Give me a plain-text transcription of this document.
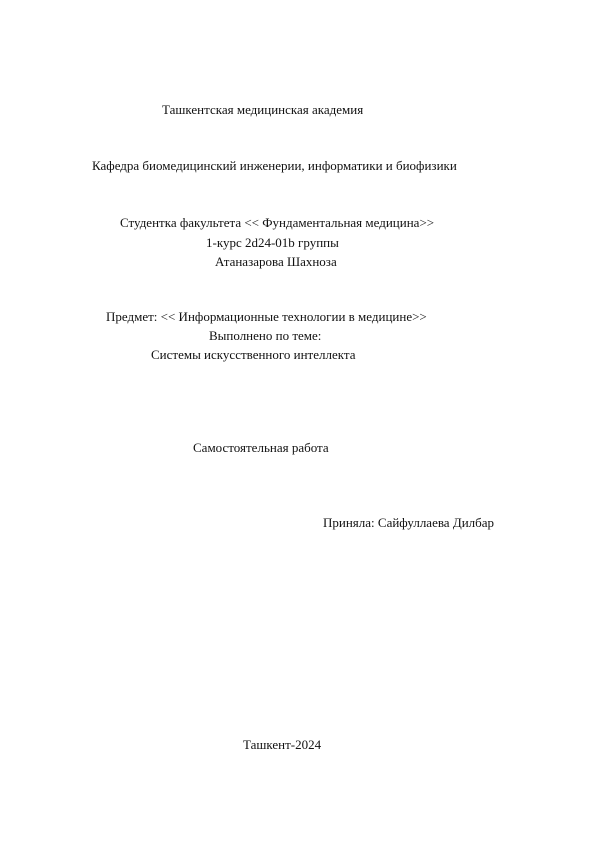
Ташкентская медицинская академия
Кафедра биомедицинский инженерии, информатики и биофизики
Студентка факультета << Фундаментальная медицина>>
1-курс 2d24-01b группы
Атаназарова Шахноза
Предмет: << Информационные технологии в медицине>>
Выполнено по теме:
Системы искусственного интеллекта
Самостоятельная работа
Приняла: Сайфуллаева Дилбар
Ташкент-2024
